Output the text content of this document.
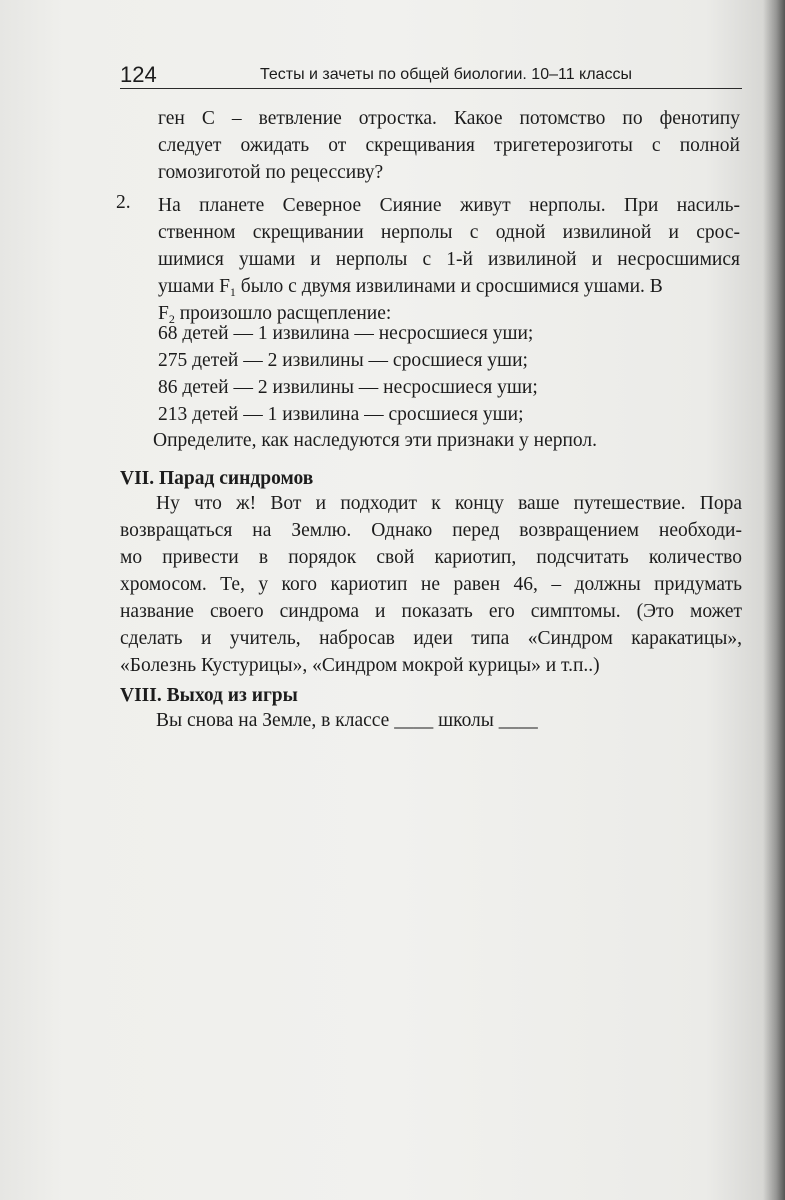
124	Тесты и зачеты по общей биологии. 10–11 классы
ген С – ветвление отростка. Какое потомство по фенотипу
следует ожидать от скрещивания тригетерозиготы с полной
гомозиготой по рецессиву?
2. На планете Северное Сияние живут нерполы. При насиль-
ственном скрещивании нерполы с одной извилиной и срос-
шимися ушами и нерполы с 1-й извилиной и несросшимися
ушами $F_1$ было с двумя извилинами и сросшимися ушами. В
$F_2$ произошло расщепление:
68 детей — 1 извилина — несросшиеся уши;
275 детей — 2 извилины — сросшиеся уши;
86 детей — 2 извилины — несросшиеся уши;
213 детей — 1 извилина — сросшиеся уши;
Определите, как наследуются эти признаки у нерпол.
VII. Парад синдромов
Ну что ж! Вот и подходит к концу ваше путешествие. Пора
возвращаться на Землю. Однако перед возвращением необходи-
мо привести в порядок свой кариотип, подсчитать количество
хромосом. Те, у кого кариотип не равен 46, – должны придумать
название своего синдрома и показать его симптомы. (Это может
сделать и учитель, набросав идеи типа «Синдром каракатицы»,
«Болезнь Кустурицы», «Синдром мокрой курицы» и т.п..)
VIII. Выход из игры
Вы снова на Земле, в классе ____ школы ____
